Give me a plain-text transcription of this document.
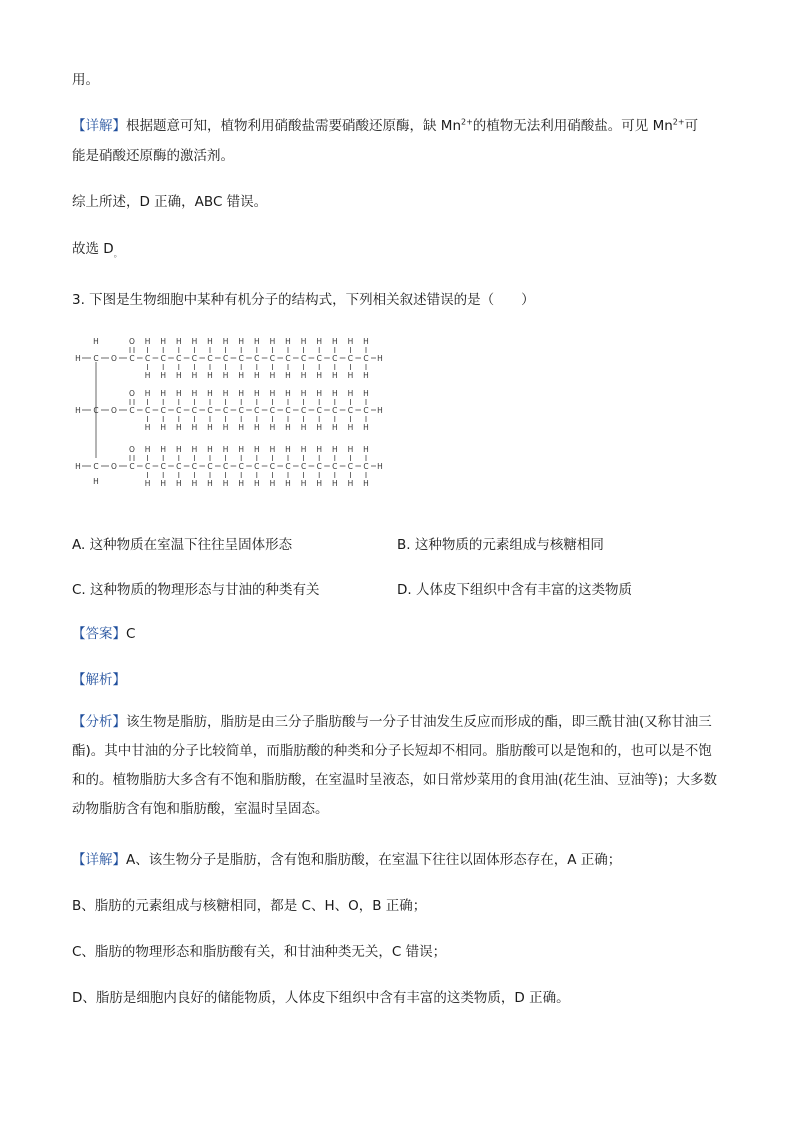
用。
【详解】根据题意可知，植物利用硝酸盐需要硝酸还原酶，缺 $Mn^{2+}$的植物无法利用硝酸盐。可见 $Mn^{2+}$可
能是硝酸还原酶的激活剂。
综上所述，D 正确，ABC 错误。
故选 $D_。$
3. 下图是生物细胞中某种有机分子的结构式，下列相关叙述错误的是（　　）
H
H
H C O C
O
C
H
H
C
H
H
C
H
H
C
H
H
C
H
H
C
H
H
C
H
H
C
H
H
C
H
H
C
H
H
C
H
H
C
H
H
C
H
H
C
H
H
C
H
H
H
H C O C
O
C
H
H
C
H
H
C
H
H
C
H
H
C
H
H
C
H
H
C
H
H
C
H
H
C
H
H
C
H
H
C
H
H
C
H
H
C
H
H
C
H
H
C
H
H
H
H C O C
O
C
H
H
C
H
H
C
H
H
C
H
H
C
H
H
C
H
H
C
H
H
C
H
H
C
H
H
C
H
H
C
H
H
C
H
H
C
H
H
C
H
H
C
H
H
H
A. 这种物质在室温下往往呈固体形态	B. 这种物质的元素组成与核糖相同
C. 这种物质的物理形态与甘油的种类有关	D. 人体皮下组织中含有丰富的这类物质
【答案】C
【解析】
【分析】该生物是脂肪，脂肪是由三分子脂肪酸与一分子甘油发生反应而形成的酯，即三酰甘油(又称甘油三酯)。其中甘油的分子比较简单，而脂肪酸的种类和分子长短却不相同。脂肪酸可以是饱和的，也可以是不饱和的。植物脂肪大多含有不饱和脂肪酸，在室温时呈液态，如日常炒菜用的食用油(花生油、豆油等)；大多数动物脂肪含有饱和脂肪酸，室温时呈固态。
【详解】A、该生物分子是脂肪，含有饱和脂肪酸，在室温下往往以固体形态存在，A 正确；
B、脂肪的元素组成与核糖相同，都是 C、H、O，B 正确；
C、脂肪的物理形态和脂肪酸有关，和甘油种类无关，C 错误；
D、脂肪是细胞内良好的储能物质，人体皮下组织中含有丰富的这类物质，D 正确。
